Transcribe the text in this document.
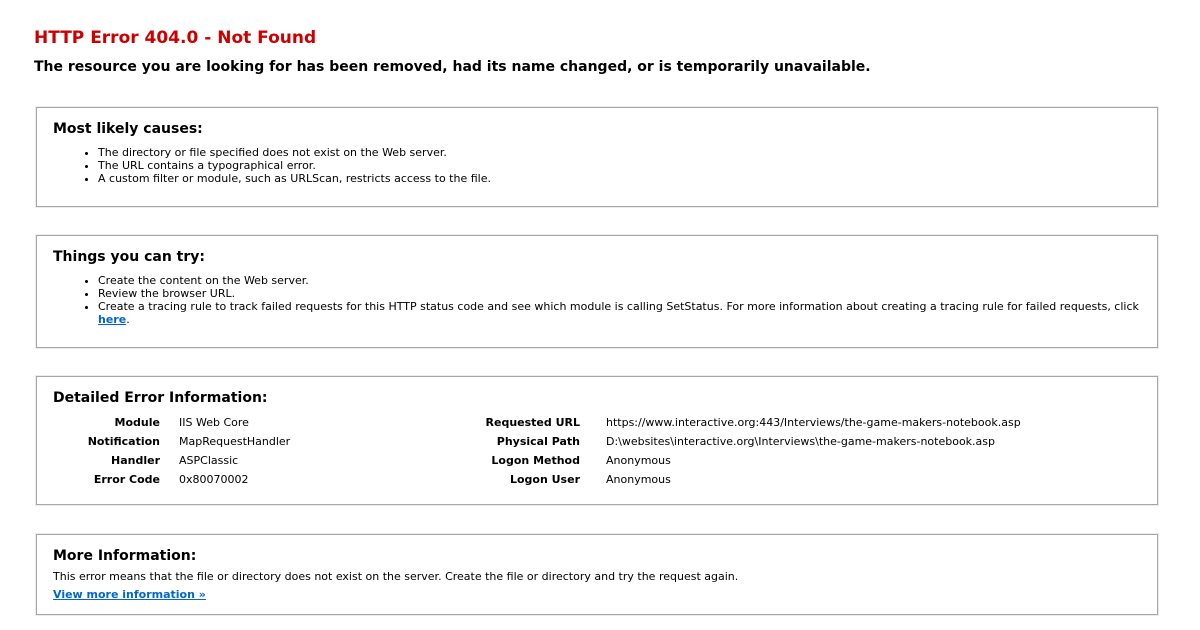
HTTP Error 404.0 - Not Found
The resource you are looking for has been removed, had its name changed, or is temporarily unavailable.
Most likely causes:
• The directory or file specified does not exist on the Web server.
• The URL contains a typographical error.
• A custom filter or module, such as URLScan, restricts access to the file.
Things you can try:
• Create the content on the Web server.
• Review the browser URL.
• Create a tracing rule to track failed requests for this HTTP status code and see which module is calling SetStatus. For more information about creating a tracing rule for failed requests, click here.
Detailed Error Information:
Module IIS Web Core	Requested URL https://www.interactive.org:443/Interviews/the-game-makers-notebook.asp
Notification MapRequestHandler	Physical Path D:\websites\interactive.org\Interviews\the-game-makers-notebook.asp
Handler ASPClassic	Logon Method Anonymous
Error Code 0x80070002	Logon User Anonymous
More Information:

This error means that the file or directory does not exist on the server. Create the file or directory and try the request again.

View more information »
